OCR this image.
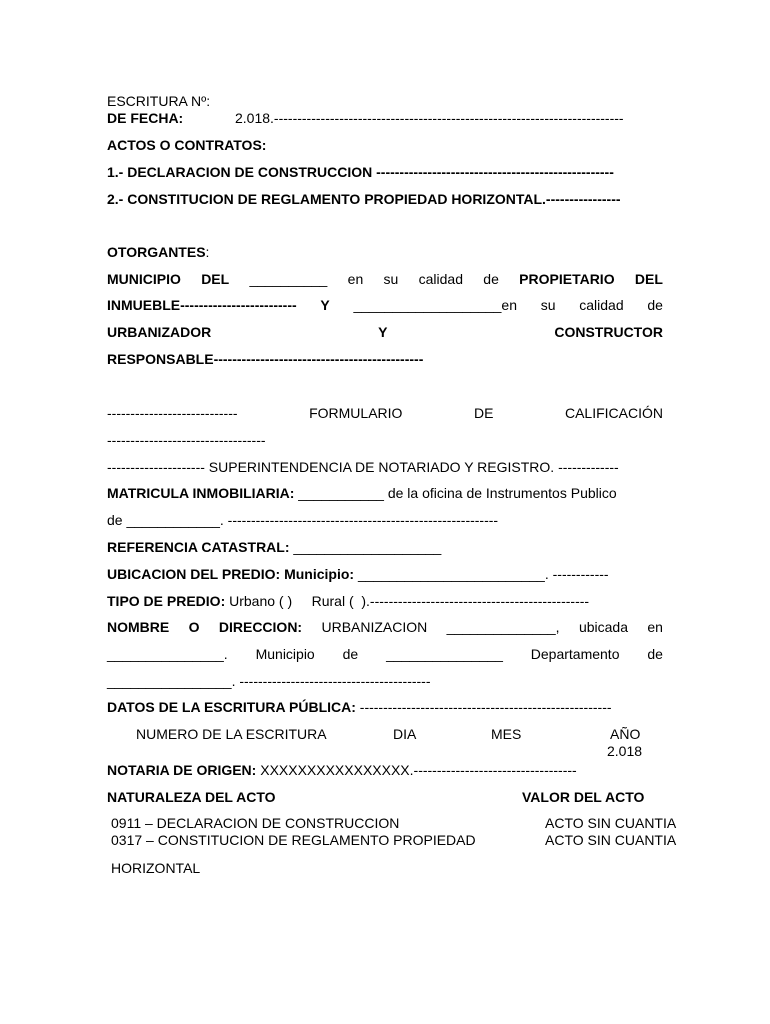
ESCRITURA Nº:
DE FECHA:	2.018.---------------------------------------------------------------------------
ACTOS O CONTRATOS:
1.- DECLARACION DE CONSTRUCCION ---------------------------------------------------
2.- CONSTITUCION DE REGLAMENTO PROPIEDAD HORIZONTAL.----------------
OTORGANTES:
MUNICIPIO DEL __________ en su calidad de PROPIETARIO DEL
INMUEBLE------------------------- Y ___________________en su calidad de
URBANIZADOR	Y	CONSTRUCTOR
RESPONSABLE---------------------------------------------
----------------------------	FORMULARIO	DE	CALIFICACIÓN
----------------------------------
--------------------- SUPERINTENDENCIA DE NOTARIADO Y REGISTRO. -------------
MATRICULA INMOBILIARIA: ___________ de la oficina de Instrumentos Publico
de ____________. ----------------------------------------------------------
REFERENCIA CATASTRAL: ___________________
UBICACION DEL PREDIO: Municipio: ________________________. ------------
TIPO DE PREDIO: Urbano ( )     Rural (  ).-----------------------------------------------
NOMBRE O DIRECCION: URBANIZACION ______________, ubicada en
_______________. Municipio de _______________ Departamento de
________________. -----------------------------------------
DATOS DE LA ESCRITURA PÚBLICA: ------------------------------------------------------
NUMERO DE LA ESCRITURA	DIA	MES	AÑO
2.018
NOTARIA DE ORIGEN: XXXXXXXXXXXXXXXX.-----------------------------------
NATURALEZA DEL ACTO	VALOR DEL ACTO
0911 – DECLARACION DE CONSTRUCCION	ACTO SIN CUANTIA
0317 – CONSTITUCION DE REGLAMENTO PROPIEDAD	ACTO SIN CUANTIA
HORIZONTAL
